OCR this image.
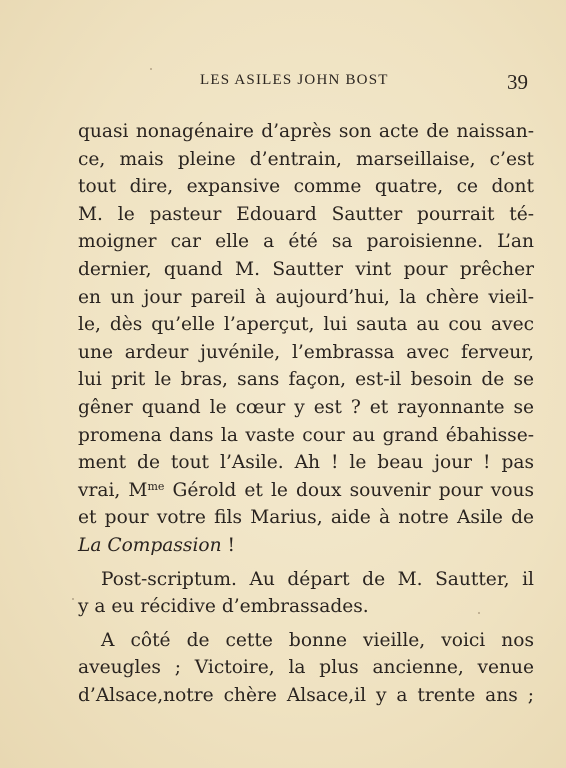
LES ASILES JOHN BOST	39
quasi nonagénaire d’après son acte de naissan-
ce, mais pleine d’entrain, marseillaise, c’est
tout dire, expansive comme quatre, ce dont
M. le pasteur Edouard Sautter pourrait té-
moigner car elle a été sa paroisienne. L’an
dernier, quand M. Sautter vint pour prêcher
en un jour pareil à aujourd’hui, la chère vieil-
le, dès qu’elle l’aperçut, lui sauta au cou avec
une ardeur juvénile, l’embrassa avec ferveur,
lui prit le bras, sans façon, est-il besoin de se
gêner quand le cœur y est ? et rayonnante se
promena dans la vaste cour au grand ébahisse-
ment de tout l’Asile. Ah ! le beau jour ! pas
vrai, $M^{me}$ Gérold et le doux souvenir pour vous
et pour votre fils Marius, aide à notre Asile de
La Compassion !
Post-scriptum. Au départ de M. Sautter, il
y a eu récidive d’embrassades.
A côté de cette bonne vieille, voici nos
aveugles ; Victoire, la plus ancienne, venue
d’Alsace,notre chère Alsace,il y a trente ans ;
